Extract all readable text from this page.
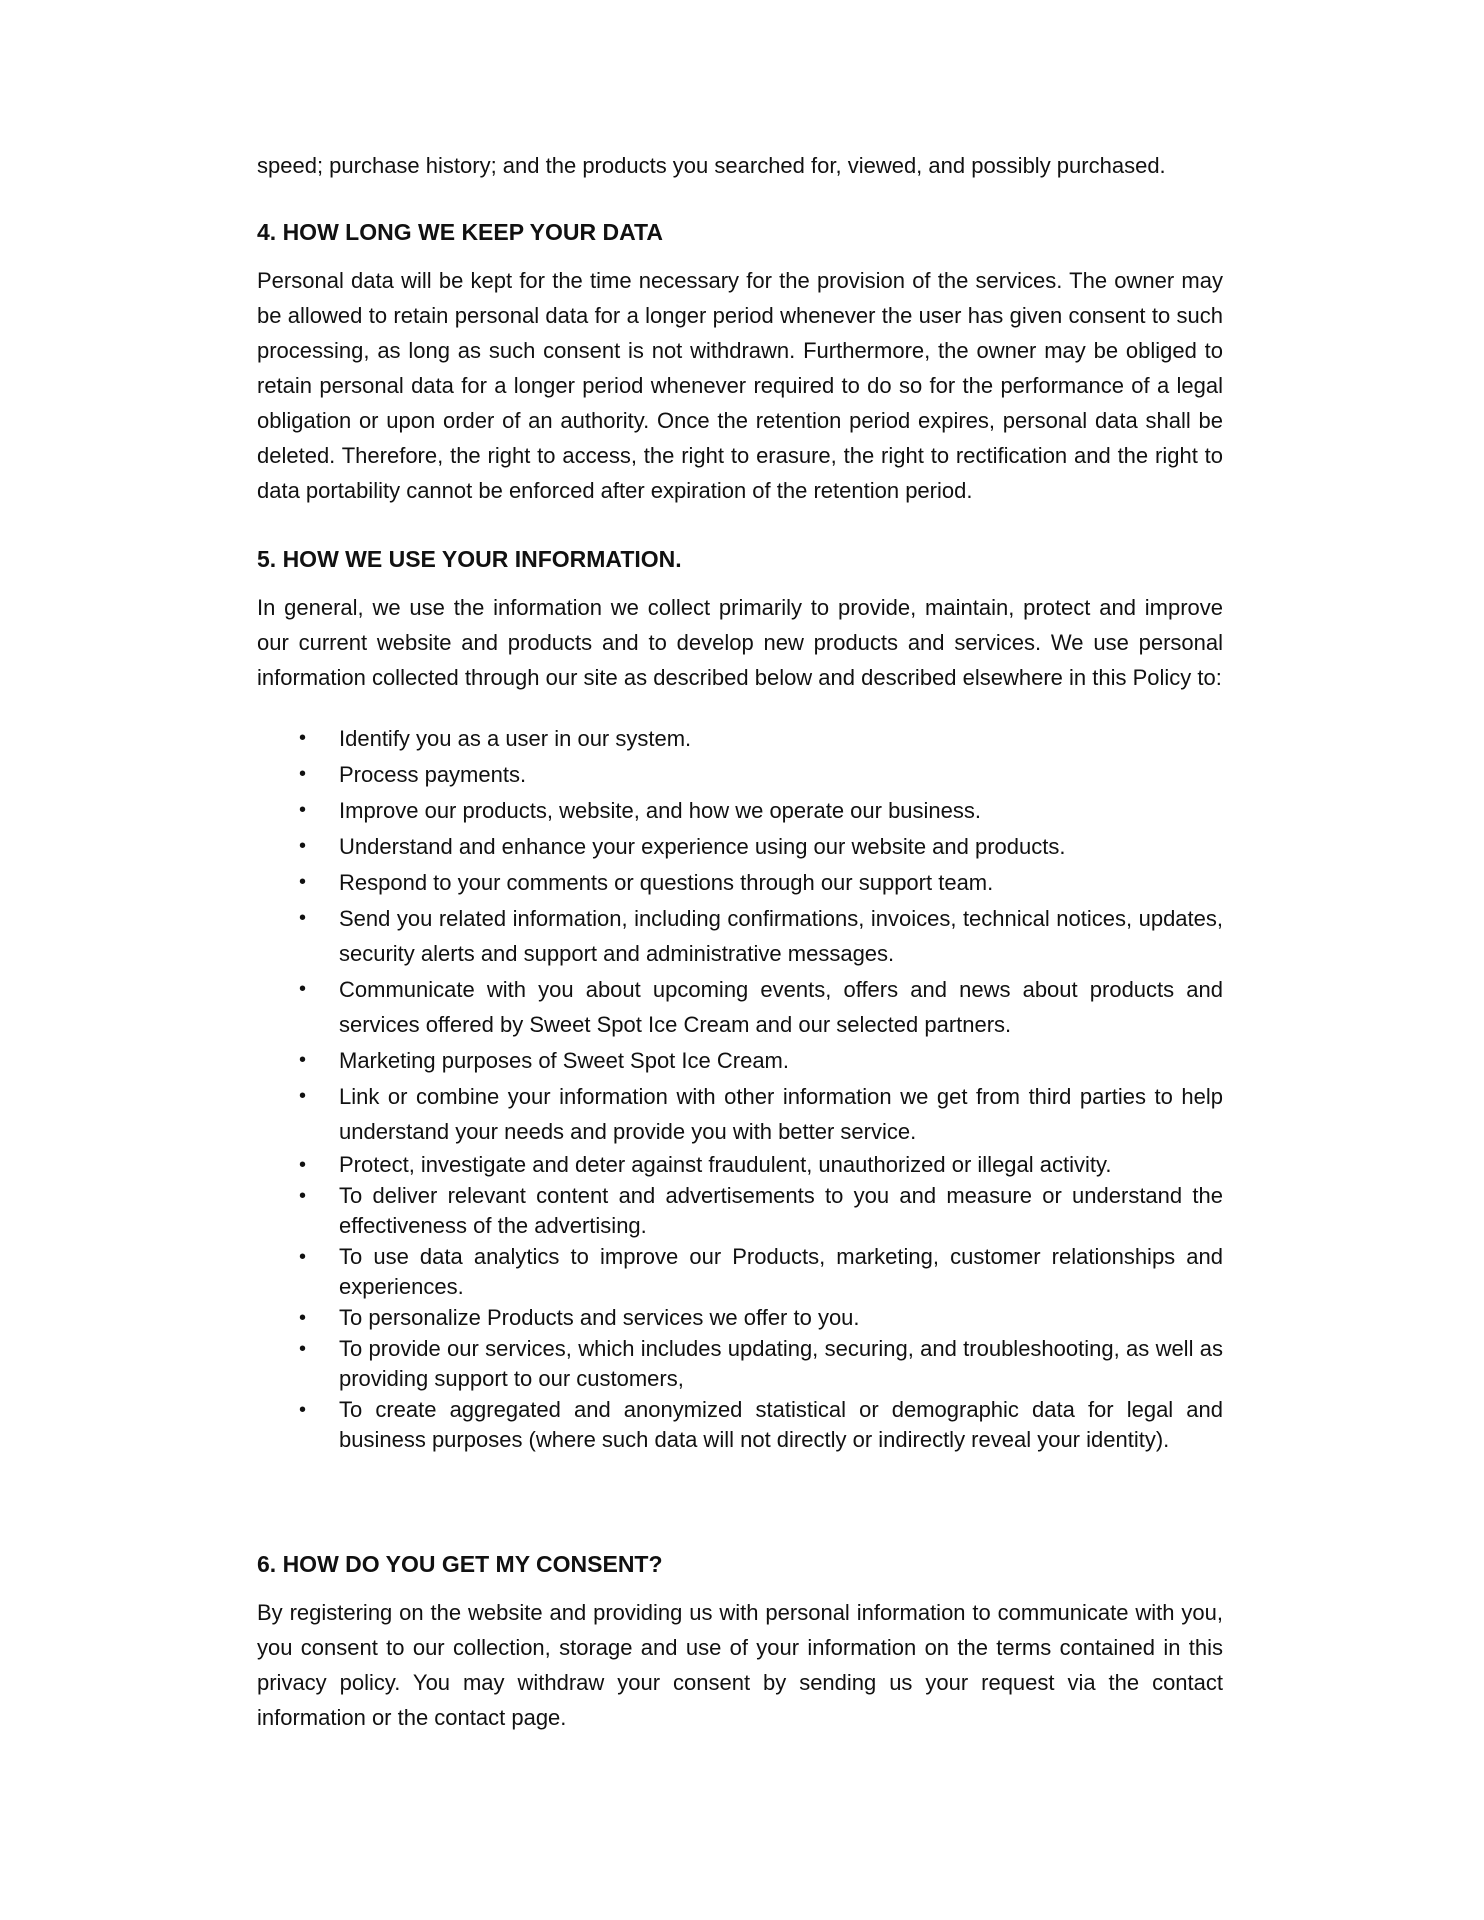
speed; purchase history; and the products you searched for, viewed, and possibly purchased.

4. HOW LONG WE KEEP YOUR DATA

Personal data will be kept for the time necessary for the provision of the services. The owner may be allowed to retain personal data for a longer period whenever the user has given consent to such processing, as long as such consent is not withdrawn. Furthermore, the owner may be obliged to retain personal data for a longer period whenever required to do so for the performance of a legal obligation or upon order of an authority. Once the retention period expires, personal data shall be deleted. Therefore, the right to access, the right to erasure, the right to rectification and the right to data portability cannot be enforced after expiration of the retention period.

5. HOW WE USE YOUR INFORMATION.

In general, we use the information we collect primarily to provide, maintain, protect and improve our current website and products and to develop new products and services. We use personal information collected through our site as described below and described elsewhere in this Policy to:

• Identify you as a user in our system.
• Process payments.
• Improve our products, website, and how we operate our business.
• Understand and enhance your experience using our website and products.
• Respond to your comments or questions through our support team.
• Send you related information, including confirmations, invoices, technical notices, updates, security alerts and support and administrative messages.
• Communicate with you about upcoming events, offers and news about products and services offered by Sweet Spot Ice Cream and our selected partners.
• Marketing purposes of Sweet Spot Ice Cream.
• Link or combine your information with other information we get from third parties to help understand your needs and provide you with better service.
• Protect, investigate and deter against fraudulent, unauthorized or illegal activity.
• To deliver relevant content and advertisements to you and measure or understand the effectiveness of the advertising.
• To use data analytics to improve our Products, marketing, customer relationships and experiences.
• To personalize Products and services we offer to you.
• To provide our services, which includes updating, securing, and troubleshooting, as well as providing support to our customers,
• To create aggregated and anonymized statistical or demographic data for legal and business purposes (where such data will not directly or indirectly reveal your identity).
6. HOW DO YOU GET MY CONSENT?

By registering on the website and providing us with personal information to communicate with you, you consent to our collection, storage and use of your information on the terms contained in this privacy policy. You may withdraw your consent by sending us your request via the contact information or the contact page.
